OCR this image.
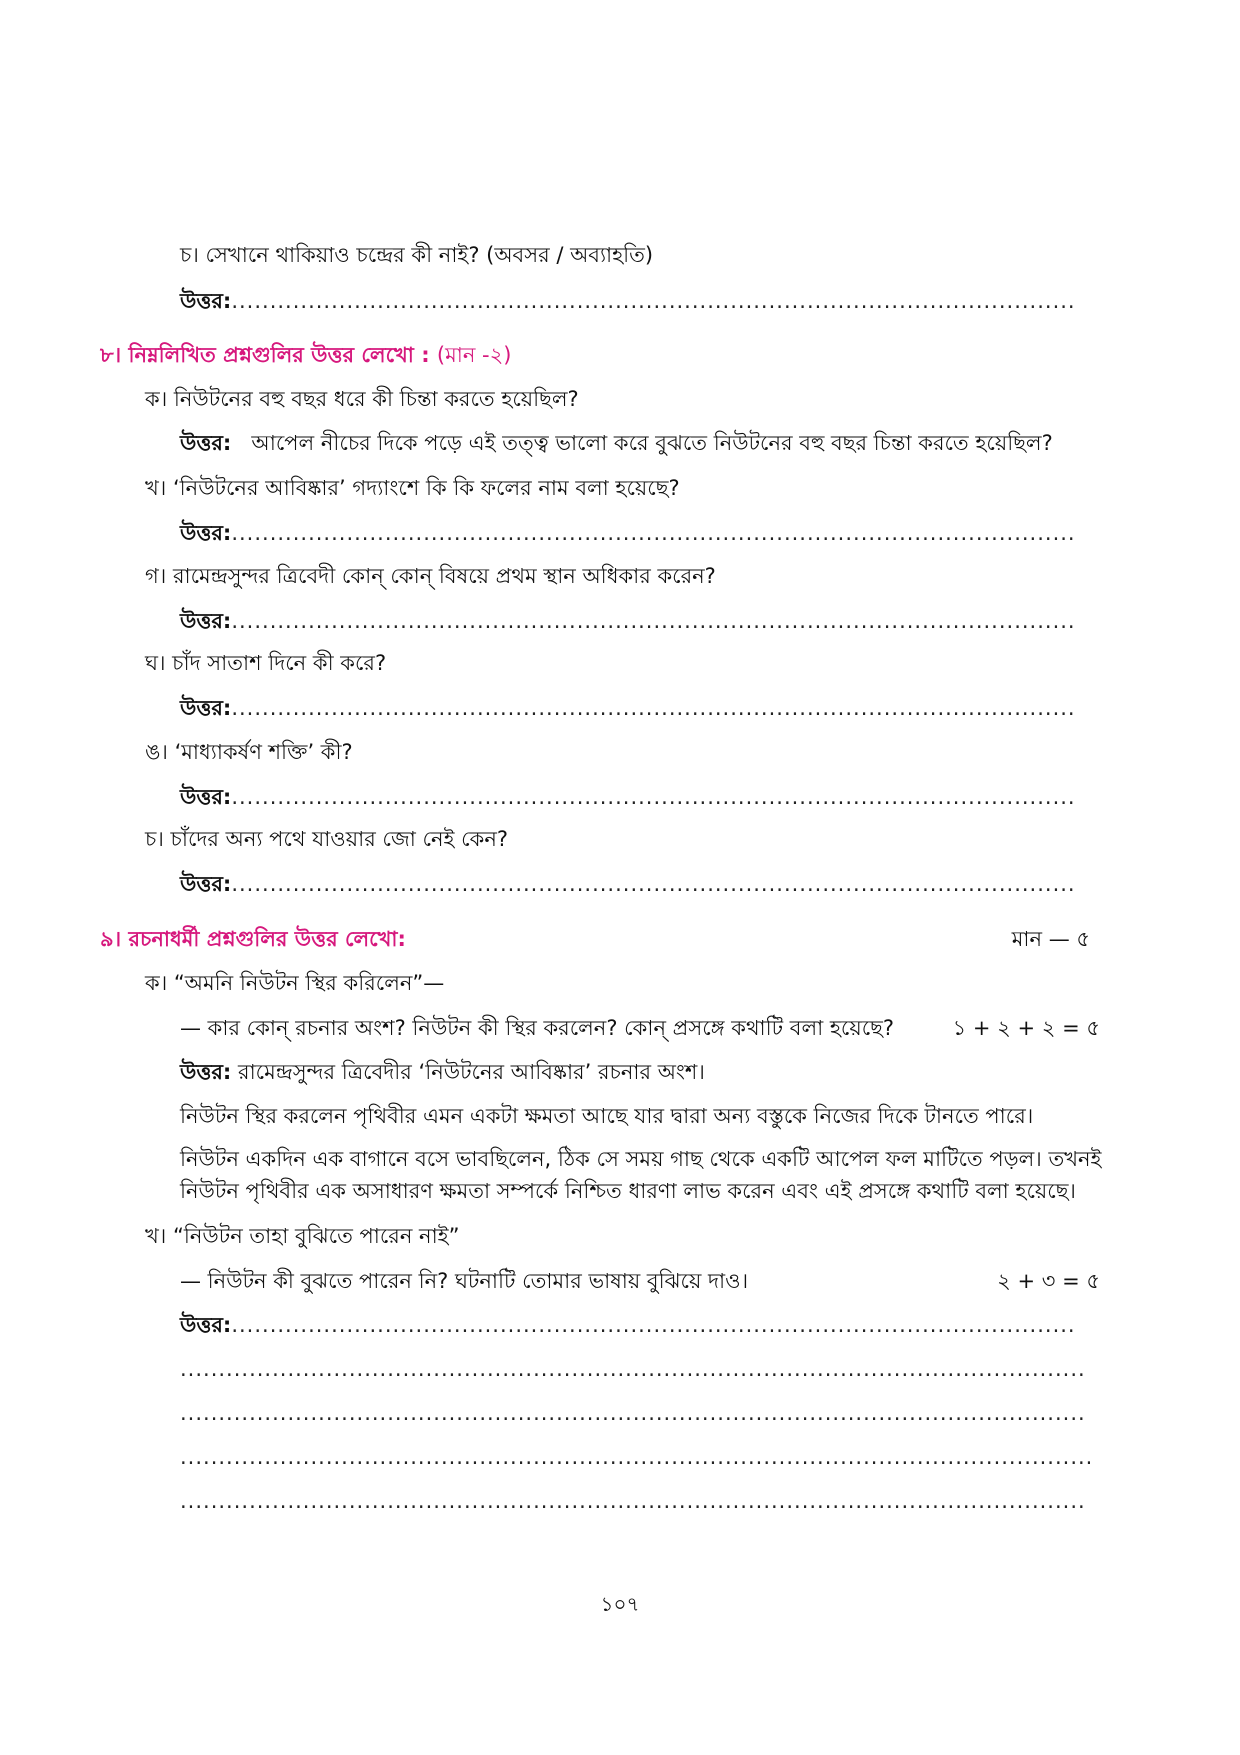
চ। সেখানে থাকিয়াও চন্দ্রের কী নাই? (অবসর / অব্যাহতি)
উত্তর:.....
৮। নিম্নলিখিত প্রশ্নগুলির উত্তর লেখো : (মান -২)
ক। নিউটনের বহু বছর ধরে কী চিন্তা করতে হয়েছিল?
উত্তর: আপেল নীচের দিকে পড়ে এই তত্ত্ব ভালো করে বুঝতে নিউটনের বহু বছর চিন্তা করতে হয়েছিল?
খ। ‘নিউটনের আবিষ্কার’ গদ্যাংশে কি কি ফলের নাম বলা হয়েছে?
উত্তর:.....
গ। রামেন্দ্রসুন্দর ত্রিবেদী কোন্ কোন্ বিষয়ে প্রথম স্থান অধিকার করেন?
উত্তর:.....
ঘ। চাঁদ সাতাশ দিনে কী করে?
উত্তর:.....
ঙ। ‘মাধ্যাকর্ষণ শক্তি’ কী?
উত্তর:.....
চ। চাঁদের অন্য পথে যাওয়ার জো নেই কেন?
উত্তর:.....
৯। রচনাধর্মী প্রশ্নগুলির উত্তর লেখো:	মান — ৫
ক। “অমনি নিউটন স্থির করিলেন”—
— কার কোন্ রচনার অংশ? নিউটন কী স্থির করলেন? কোন্ প্রসঙ্গে কথাটি বলা হয়েছে?	১ + ২ + ২ = ৫
উত্তর: রামেন্দ্রসুন্দর ত্রিবেদীর ‘নিউটনের আবিষ্কার’ রচনার অংশ।
নিউটন স্থির করলেন পৃথিবীর এমন একটা ক্ষমতা আছে যার দ্বারা অন্য বস্তুকে নিজের দিকে টানতে পারে।
নিউটন একদিন এক বাগানে বসে ভাবছিলেন, ঠিক সে সময় গাছ থেকে একটি আপেল ফল মাটিতে পড়ল। তখনই
নিউটন পৃথিবীর এক অসাধারণ ক্ষমতা সম্পর্কে নিশ্চিত ধারণা লাভ করেন এবং এই প্রসঙ্গে কথাটি বলা হয়েছে।
খ। “নিউটন তাহা বুঝিতে পারেন নাই”
— নিউটন কী বুঝতে পারেন নি? ঘটনাটি তোমার ভাষায় বুঝিয়ে দাও।	২ + ৩ = ৫
উত্তর:.....
.....
.....
.....
.....
১০৭
